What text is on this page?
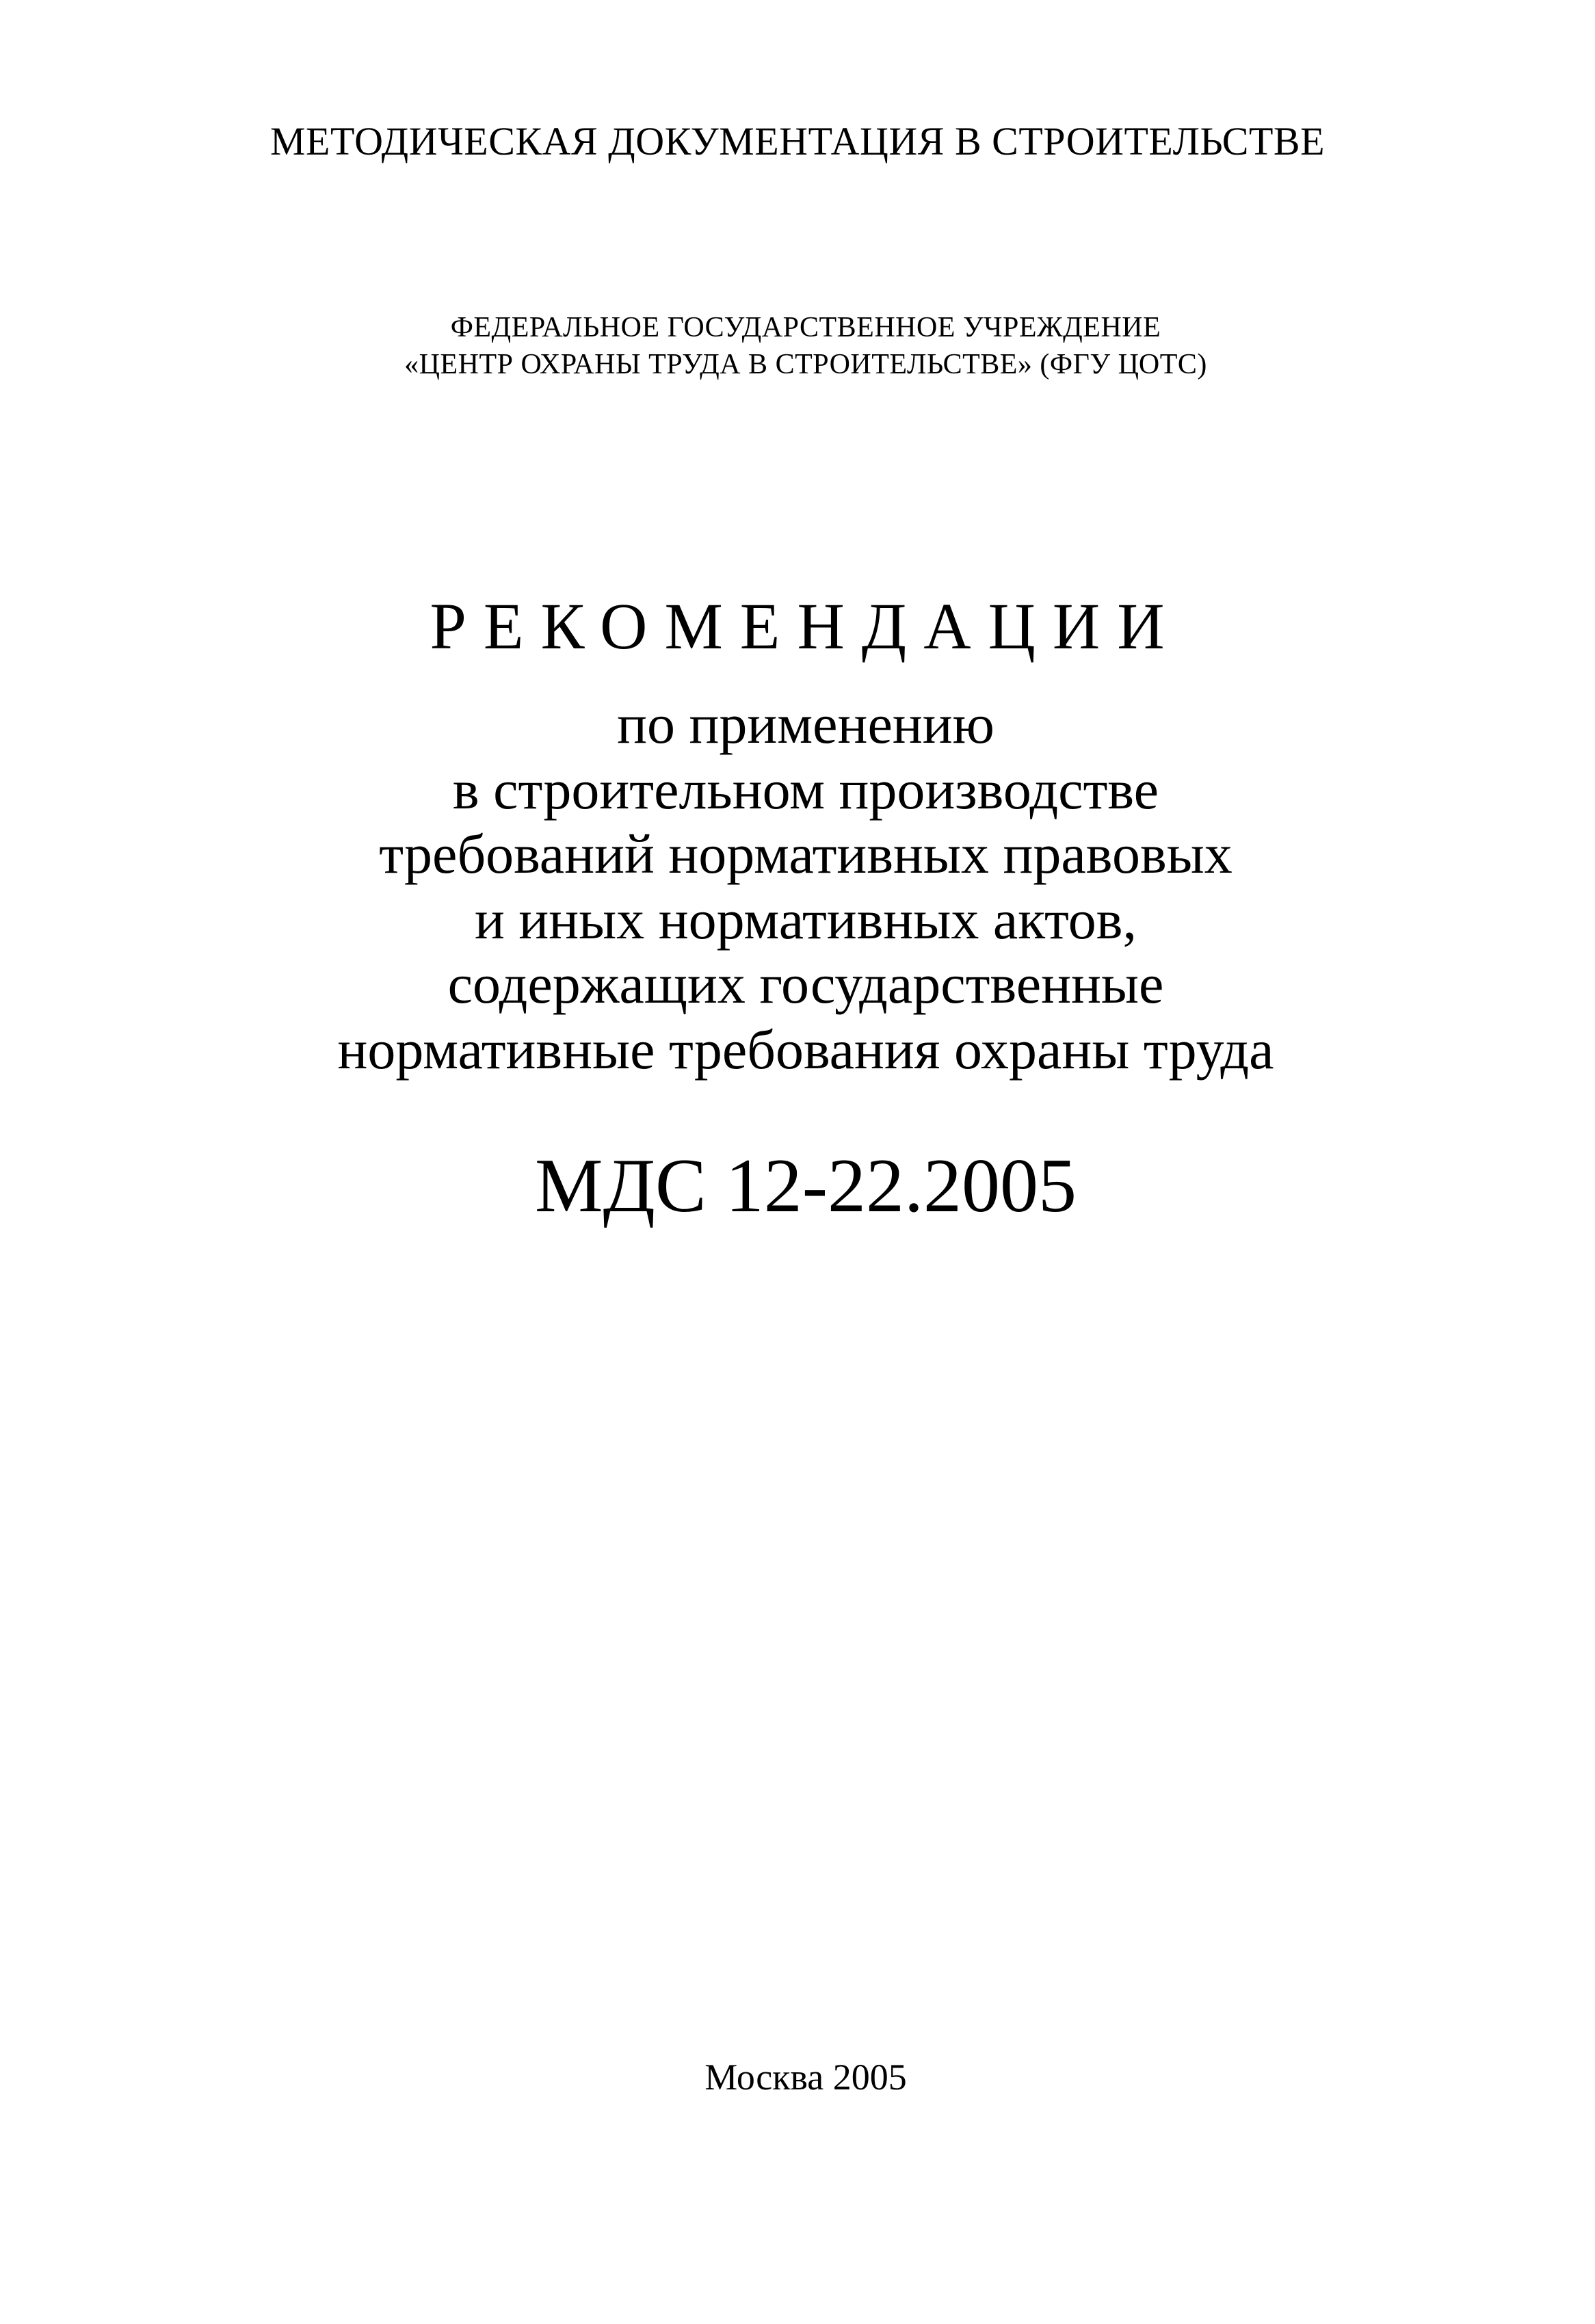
МЕТОДИЧЕСКАЯ ДОКУМЕНТАЦИЯ В СТРОИТЕЛЬСТВЕ
ФЕДЕРАЛЬНОЕ ГОСУДАРСТВЕННОЕ УЧРЕЖДЕНИЕ
«ЦЕНТР ОХРАНЫ ТРУДА В СТРОИТЕЛЬСТВЕ» (ФГУ ЦОТС)
РЕКОМЕНДАЦИИ
по применению
в строительном производстве
требований нормативных правовых
и иных нормативных актов,
содержащих государственные
нормативные требования охраны труда
МДС 12-22.2005
Москва 2005
